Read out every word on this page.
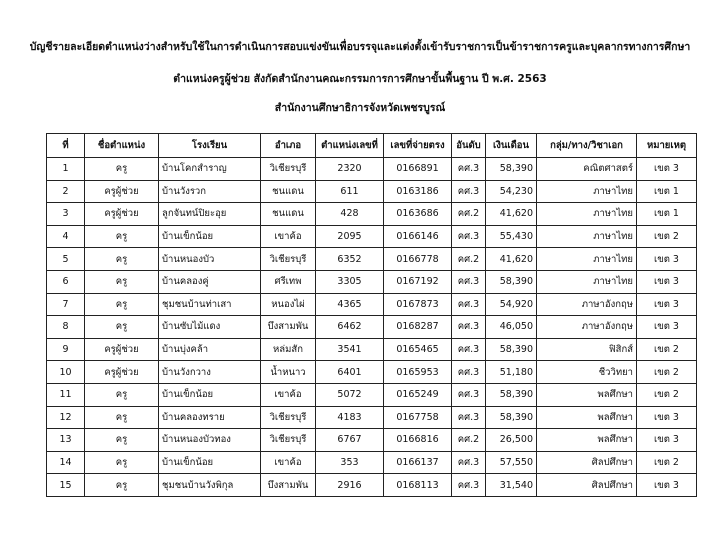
บัญชีรายละเอียดตำแหน่งว่างสำหรับใช้ในการดำเนินการสอบแข่งขันเพื่อบรรจุและแต่งตั้งเข้ารับราชการเป็นข้าราชการครูและบุคลากรทางการศึกษา
ตำแหน่งครูผู้ช่วย สังกัดสำนักงานคณะกรรมการการศึกษาขั้นพื้นฐาน ปี พ.ศ. 2563
สำนักงานศึกษาธิการจังหวัดเพชรบูรณ์
ที่	ชื่อตำแหน่ง	โรงเรียน	อำเภอ	ตำแหน่งเลขที่	เลขที่จ่ายตรง	อันดับ	เงินเดือน	กลุ่ม/ทาง/วิชาเอก	หมายเหตุ
1	ครู	บ้านโคกสำราญ	วิเชียรบุรี	2320	0166891	คศ.3	58,390	คณิตศาสตร์	เขต 3
2	ครูผู้ช่วย	บ้านวังรวก	ชนแดน	611	0163186	คศ.3	54,230	ภาษาไทย	เขต 1
3	ครูผู้ช่วย	ลูกจันทน์ปิยะอุย	ชนแดน	428	0163686	คศ.2	41,620	ภาษาไทย	เขต 1
4	ครู	บ้านเข็กน้อย	เขาค้อ	2095	0166146	คศ.3	55,430	ภาษาไทย	เขต 2
5	ครู	บ้านหนองบัว	วิเชียรบุรี	6352	0166778	คศ.2	41,620	ภาษาไทย	เขต 3
6	ครู	บ้านคลองคู่	ศรีเทพ	3305	0167192	คศ.3	58,390	ภาษาไทย	เขต 3
7	ครู	ชุมชนบ้านท่าเสา	หนองไผ่	4365	0167873	คศ.3	54,920	ภาษาอังกฤษ	เขต 3
8	ครู	บ้านซับไม้แดง	บึงสามพัน	6462	0168287	คศ.3	46,050	ภาษาอังกฤษ	เขต 3
9	ครูผู้ช่วย	บ้านบุ่งคล้า	หล่มสัก	3541	0165465	คศ.3	58,390	ฟิสิกส์	เขต 2
10	ครูผู้ช่วย	บ้านวังกวาง	น้ำหนาว	6401	0165953	คศ.3	51,180	ชีววิทยา	เขต 2
11	ครู	บ้านเข็กน้อย	เขาค้อ	5072	0165249	คศ.3	58,390	พลศึกษา	เขต 2
12	ครู	บ้านคลองทราย	วิเชียรบุรี	4183	0167758	คศ.3	58,390	พลศึกษา	เขต 3
13	ครู	บ้านหนองบัวทอง	วิเชียรบุรี	6767	0166816	คศ.2	26,500	พลศึกษา	เขต 3
14	ครู	บ้านเข็กน้อย	เขาค้อ	353	0166137	คศ.3	57,550	ศิลปศึกษา	เขต 2
15	ครู	ชุมชนบ้านวังพิกุล	บึงสามพัน	2916	0168113	คศ.3	31,540	ศิลปศึกษา	เขต 3
